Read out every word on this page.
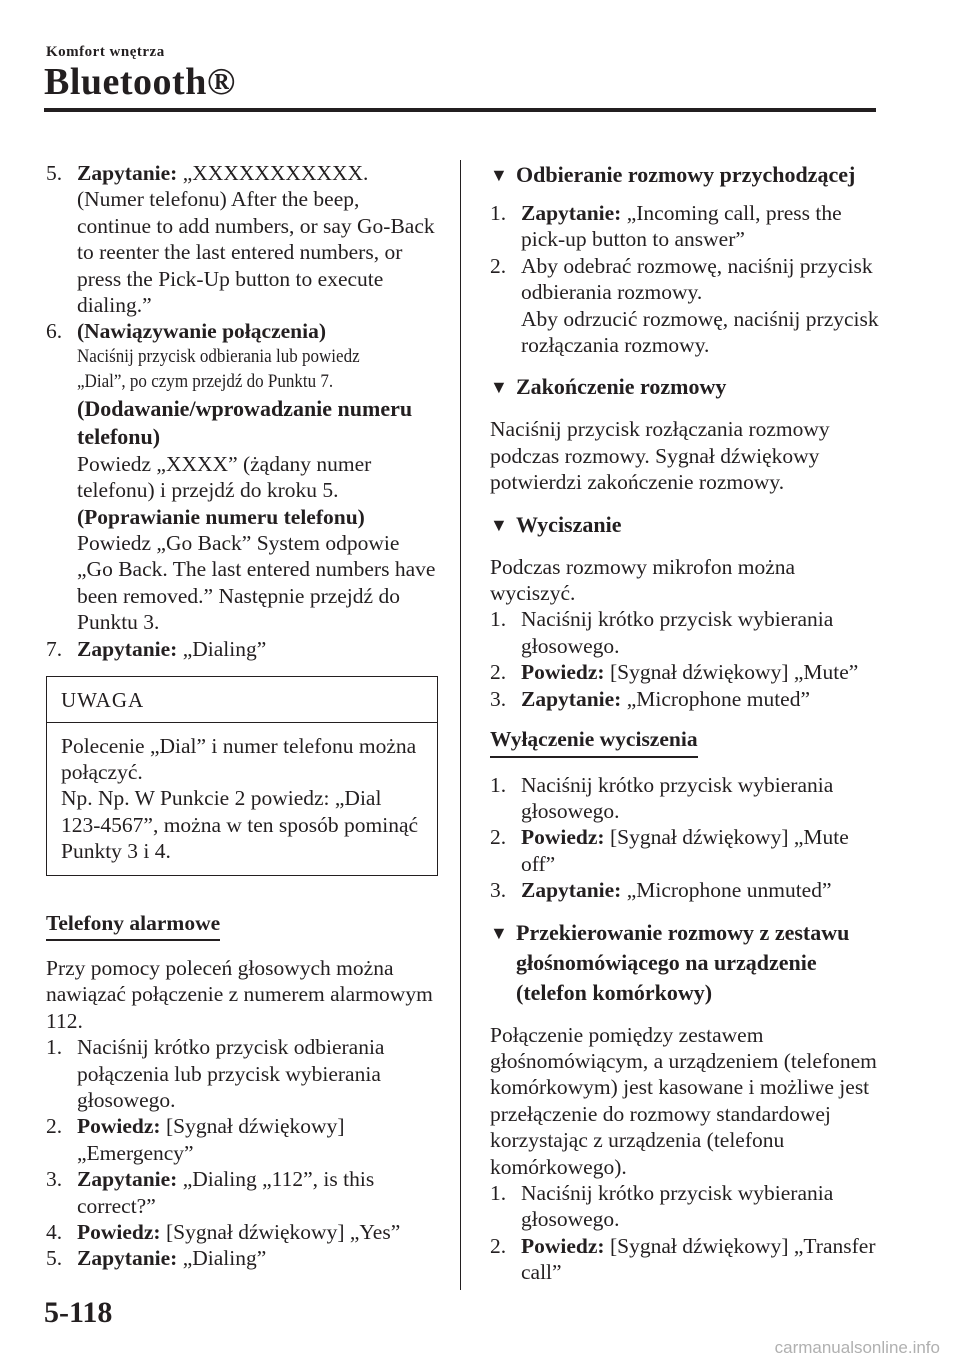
Komfort wnętrza
Bluetooth®
5. Zapytanie: „XXXXXXXXXXX. (Numer telefonu) After the beep, continue to add numbers, or say Go-Back to reenter the last entered numbers, or press the Pick-Up button to execute dialing.”
6. (Nawiązywanie połączenia)
Naciśnij przycisk odbierania lub powiedz
„Dial”, po czym przejdź do Punktu 7.
(Dodawanie/wprowadzanie numeru telefonu)
Powiedz „XXXX” (żądany numer telefonu) i przejdź do kroku 5.
(Poprawianie numeru telefonu)
Powiedz „Go Back” System odpowie „Go Back. The last entered numbers have been removed.” Następnie przejdź do Punktu 3.
7. Zapytanie: „Dialing”
UWAGA
Polecenie „Dial” i numer telefonu można połączyć.
Np. Np. W Punkcie 2 powiedz: „Dial 123-4567”, można w ten sposób pominąć Punkty 3 i 4.
Telefony alarmowe
Przy pomocy poleceń głosowych można nawiązać połączenie z numerem alarmowym 112.
1. Naciśnij krótko przycisk odbierania połączenia lub przycisk wybierania głosowego.
2. Powiedz: [Sygnał dźwiękowy] „Emergency”
3. Zapytanie: „Dialing „112”, is this correct?”
4. Powiedz: [Sygnał dźwiękowy] „Yes”
5. Zapytanie: „Dialing”
▼ Odbieranie rozmowy przychodzącej
1. Zapytanie: „Incoming call, press the pick-up button to answer”
2. Aby odebrać rozmowę, naciśnij przycisk odbierania rozmowy.
Aby odrzucić rozmowę, naciśnij przycisk rozłączania rozmowy.
▼ Zakończenie rozmowy
Naciśnij przycisk rozłączania rozmowy podczas rozmowy. Sygnał dźwiękowy potwierdzi zakończenie rozmowy.
▼ Wyciszanie
Podczas rozmowy mikrofon można wyciszyć.
1. Naciśnij krótko przycisk wybierania głosowego.
2. Powiedz: [Sygnał dźwiękowy] „Mute”
3. Zapytanie: „Microphone muted”
Wyłączenie wyciszenia
1. Naciśnij krótko przycisk wybierania głosowego.
2. Powiedz: [Sygnał dźwiękowy] „Mute off”
3. Zapytanie: „Microphone unmuted”
▼ Przekierowanie rozmowy z zestawu
głośnomówiącego na urządzenie
(telefon komórkowy)
Połączenie pomiędzy zestawem głośnomówiącym, a urządzeniem (telefonem komórkowym) jest kasowane i możliwe jest przełączenie do rozmowy standardowej korzystając z urządzenia (telefonu komórkowego).
1. Naciśnij krótko przycisk wybierania głosowego.
2. Powiedz: [Sygnał dźwiękowy] „Transfer call”
5-118
carmanualsonline.info
